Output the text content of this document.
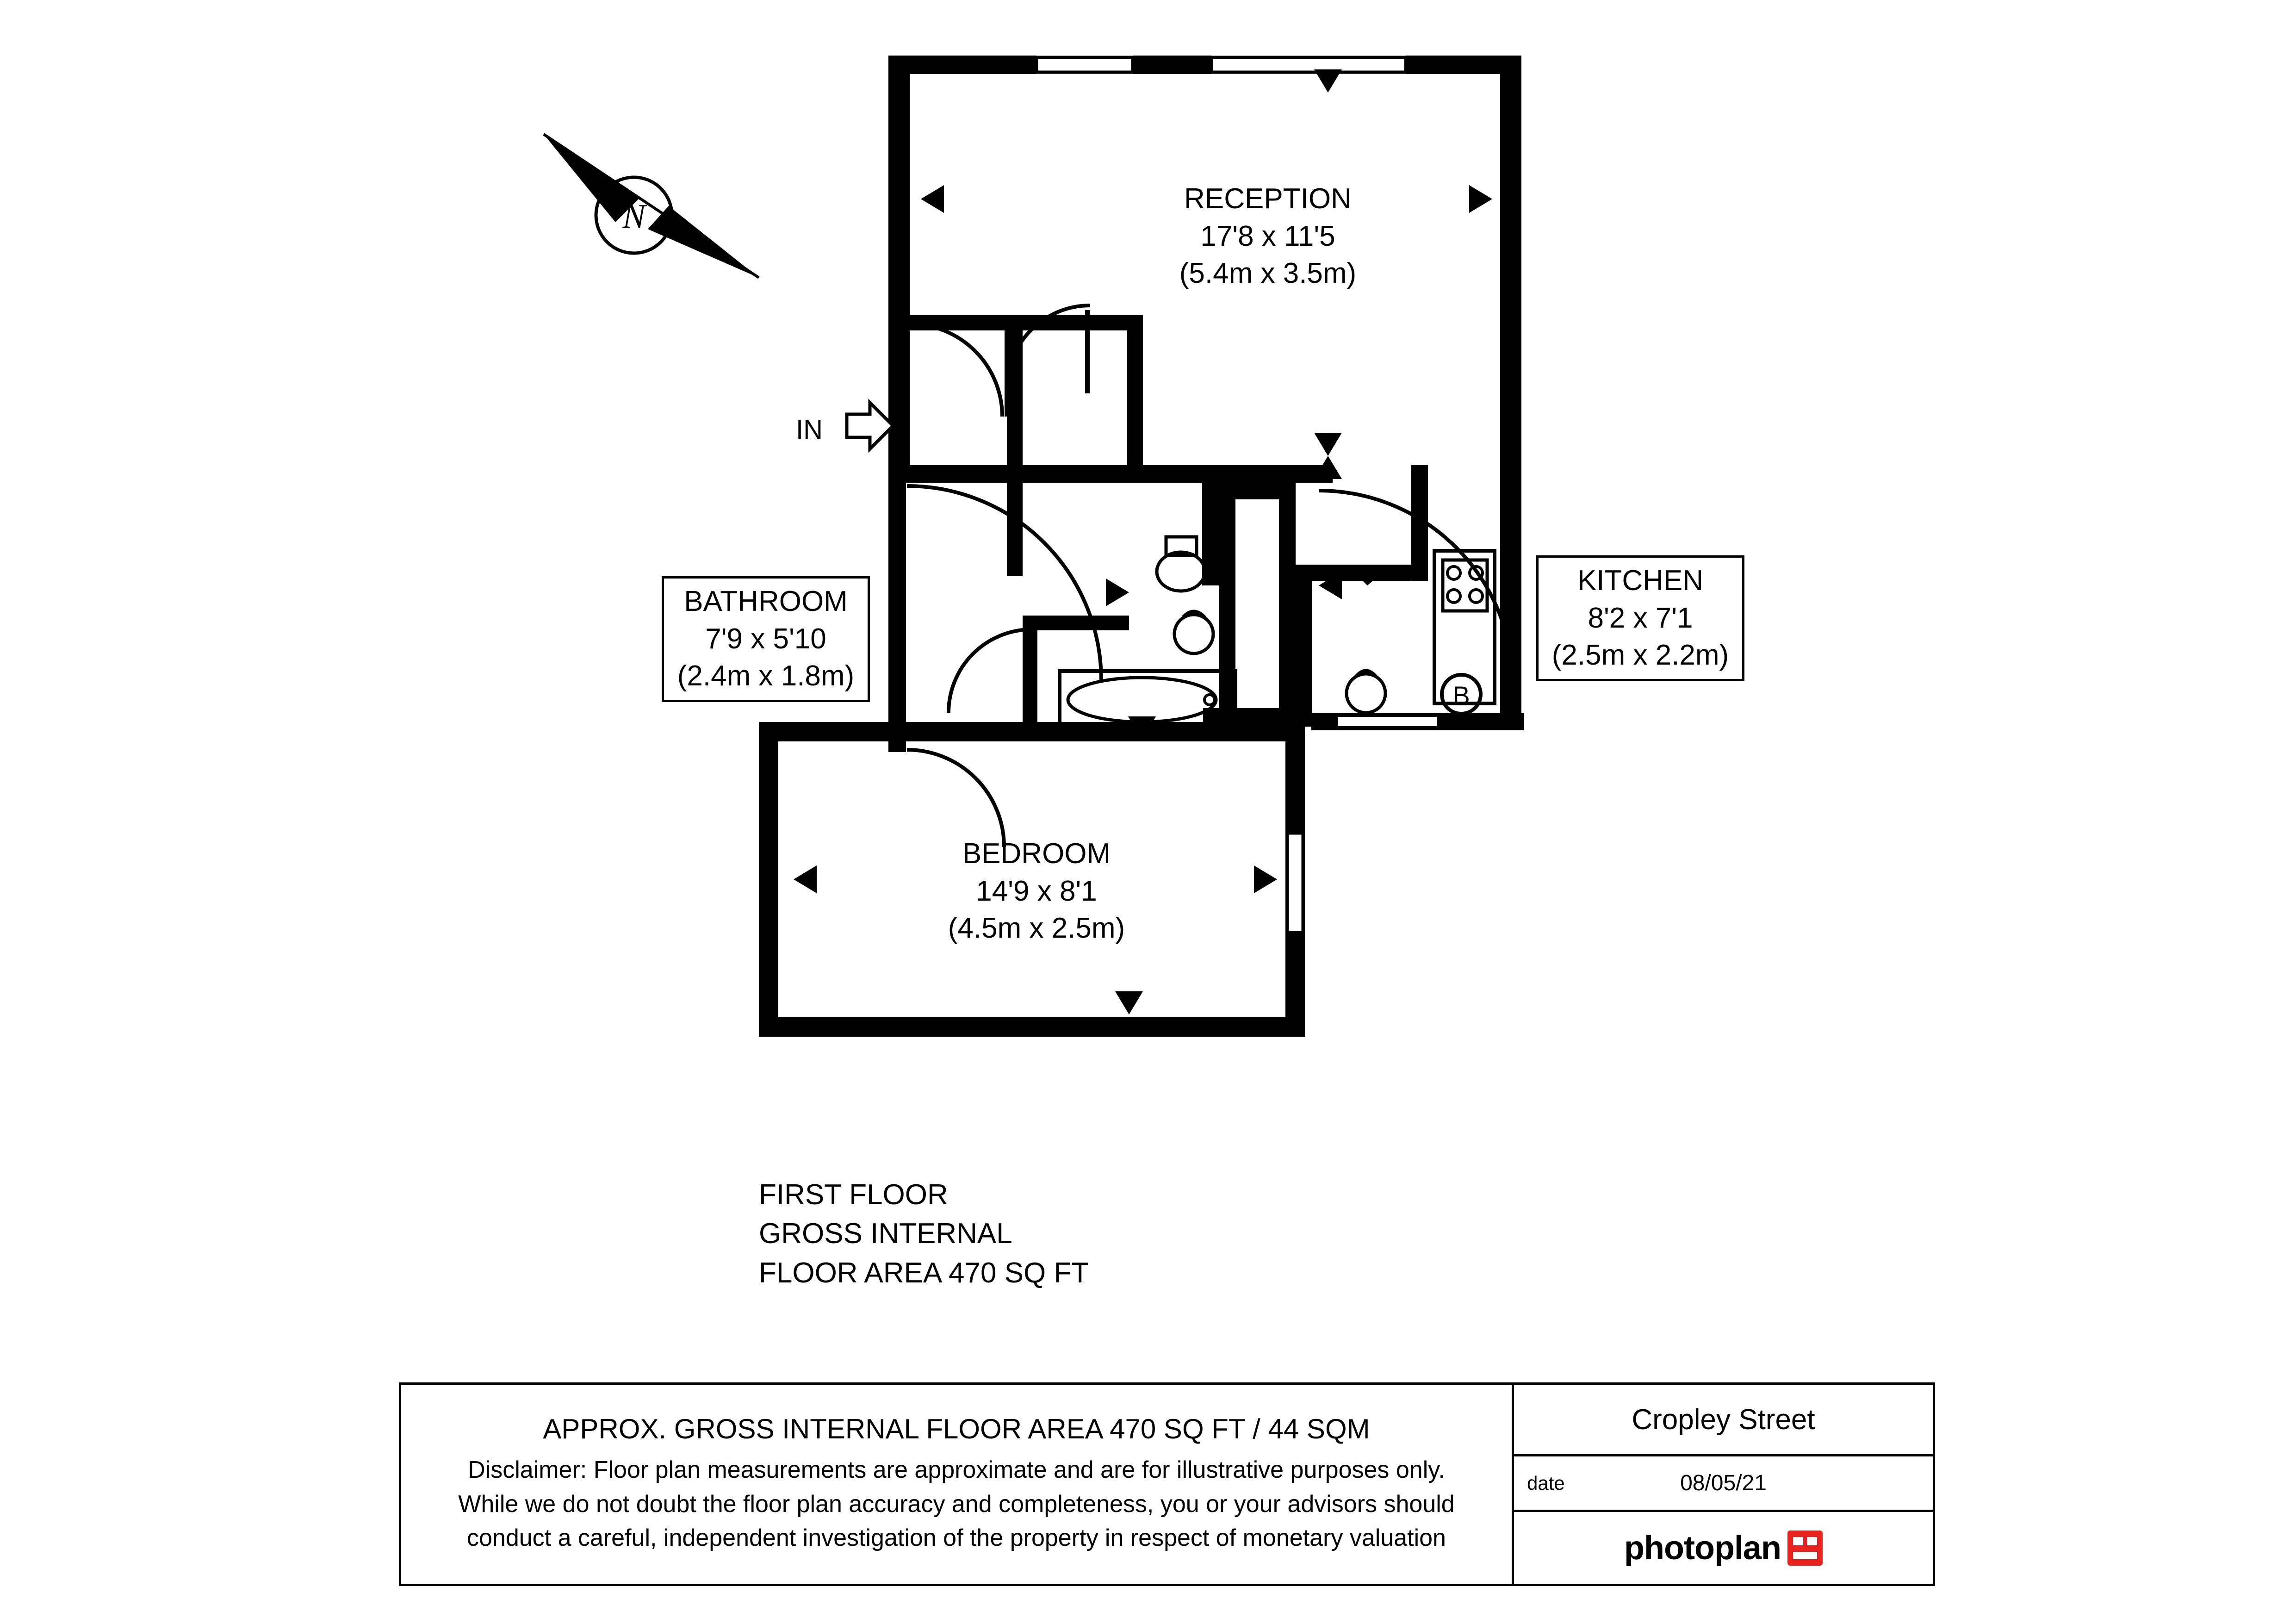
B
N
IN
RECEPTION
17'8 x 11'5
(5.4m x 3.5m)
KITCHEN
8'2 x 7'1
(2.5m x 2.2m)
BATHROOM
7'9 x 5'10
(2.4m x 1.8m)
BEDROOM
14'9 x 8'1
(4.5m x 2.5m)
FIRST FLOOR
GROSS INTERNAL
FLOOR AREA 470 SQ FT
APPROX. GROSS INTERNAL FLOOR AREA 470 SQ FT / 44 SQM
Disclaimer: Floor plan measurements are approximate and are for illustrative purposes only.
While we do not doubt the floor plan accuracy and completeness, you or your advisors should
conduct a careful, independent investigation of the property in respect of monetary valuation
Cropley Street
date	08/05/21
photoplan
